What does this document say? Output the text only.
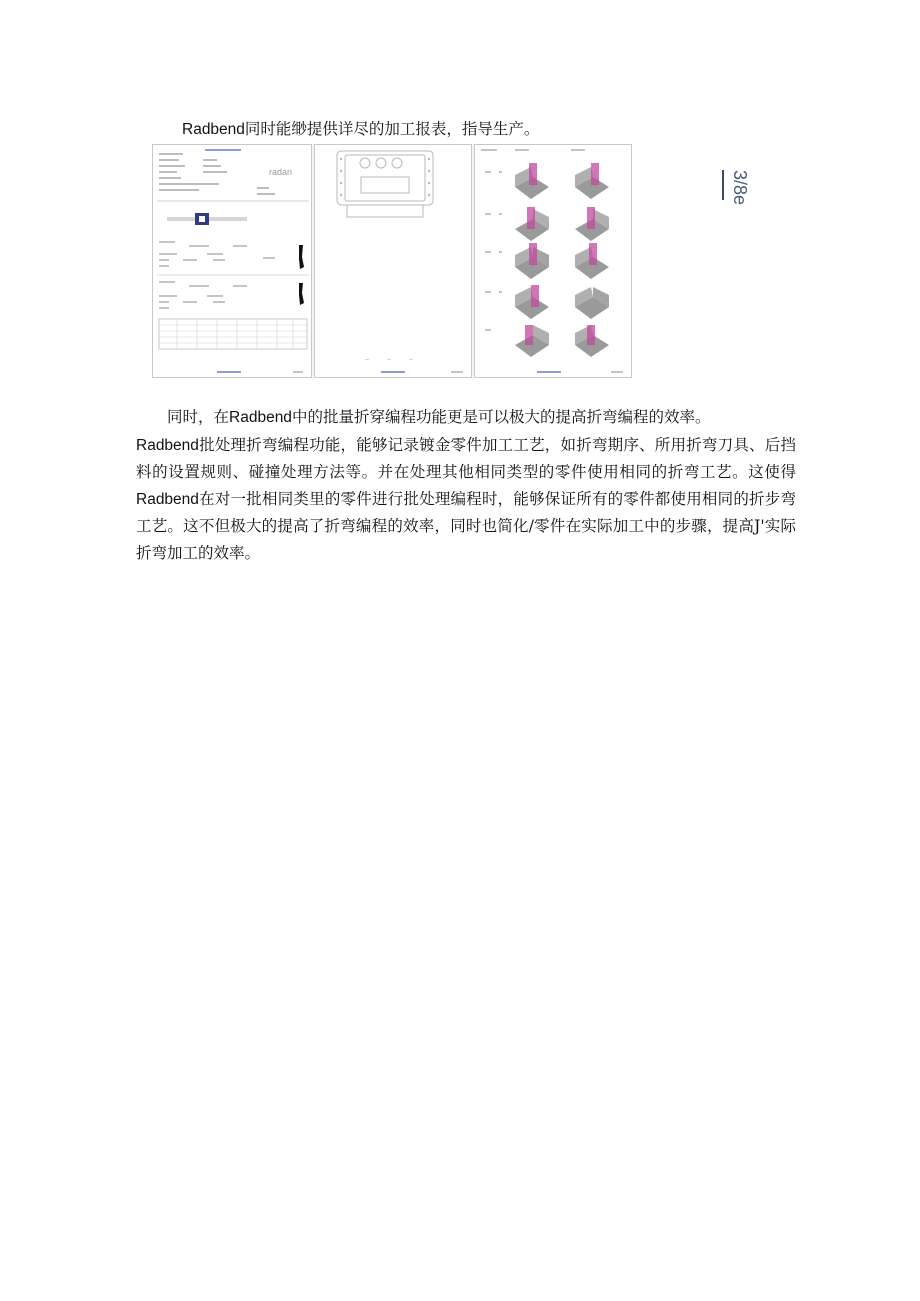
Radbend同时能缈提供详尽的加工报表，指导生产。
radan	3/8e

同时，在Radbend中的批量折穿编程功能更是可以极大的提高折弯编程的效率。

Radbend批处理折弯编程功能，能够记录镀金零件加工工艺，如折弯期序、所用折弯刀具、后挡料的设置规则、碰撞处理方法等。并在处理其他相同类型的零件使用相同的折弯工艺。这使得Radbend在对一批相同类里的零件进行批处理编程时，能够保证所有的零件都使用相同的折步弯工艺。这不但极大的提高了折弯编程的效率，同时也简化/零件在实际加工中的步骤，提高J'实际折弯加工的效率。
